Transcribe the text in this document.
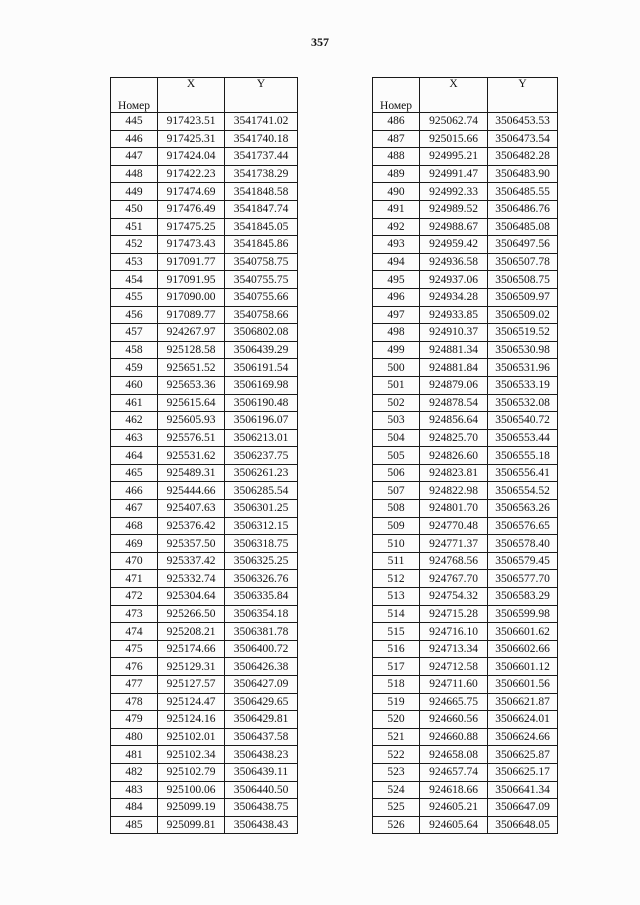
357
Номер	X	Y
445	917423.51	3541741.02
446	917425.31	3541740.18
447	917424.04	3541737.44
448	917422.23	3541738.29
449	917474.69	3541848.58
450	917476.49	3541847.74
451	917475.25	3541845.05
452	917473.43	3541845.86
453	917091.77	3540758.75
454	917091.95	3540755.75
455	917090.00	3540755.66
456	917089.77	3540758.66
457	924267.97	3506802.08
458	925128.58	3506439.29
459	925651.52	3506191.54
460	925653.36	3506169.98
461	925615.64	3506190.48
462	925605.93	3506196.07
463	925576.51	3506213.01
464	925531.62	3506237.75
465	925489.31	3506261.23
466	925444.66	3506285.54
467	925407.63	3506301.25
468	925376.42	3506312.15
469	925357.50	3506318.75
470	925337.42	3506325.25
471	925332.74	3506326.76
472	925304.64	3506335.84
473	925266.50	3506354.18
474	925208.21	3506381.78
475	925174.66	3506400.72
476	925129.31	3506426.38
477	925127.57	3506427.09
478	925124.47	3506429.65
479	925124.16	3506429.81
480	925102.01	3506437.58
481	925102.34	3506438.23
482	925102.79	3506439.11
483	925100.06	3506440.50
484	925099.19	3506438.75
485	925099.81	3506438.43
Номер	X	Y
486	925062.74	3506453.53
487	925015.66	3506473.54
488	924995.21	3506482.28
489	924991.47	3506483.90
490	924992.33	3506485.55
491	924989.52	3506486.76
492	924988.67	3506485.08
493	924959.42	3506497.56
494	924936.58	3506507.78
495	924937.06	3506508.75
496	924934.28	3506509.97
497	924933.85	3506509.02
498	924910.37	3506519.52
499	924881.34	3506530.98
500	924881.84	3506531.96
501	924879.06	3506533.19
502	924878.54	3506532.08
503	924856.64	3506540.72
504	924825.70	3506553.44
505	924826.60	3506555.18
506	924823.81	3506556.41
507	924822.98	3506554.52
508	924801.70	3506563.26
509	924770.48	3506576.65
510	924771.37	3506578.40
511	924768.56	3506579.45
512	924767.70	3506577.70
513	924754.32	3506583.29
514	924715.28	3506599.98
515	924716.10	3506601.62
516	924713.34	3506602.66
517	924712.58	3506601.12
518	924711.60	3506601.56
519	924665.75	3506621.87
520	924660.56	3506624.01
521	924660.88	3506624.66
522	924658.08	3506625.87
523	924657.74	3506625.17
524	924618.66	3506641.34
525	924605.21	3506647.09
526	924605.64	3506648.05
